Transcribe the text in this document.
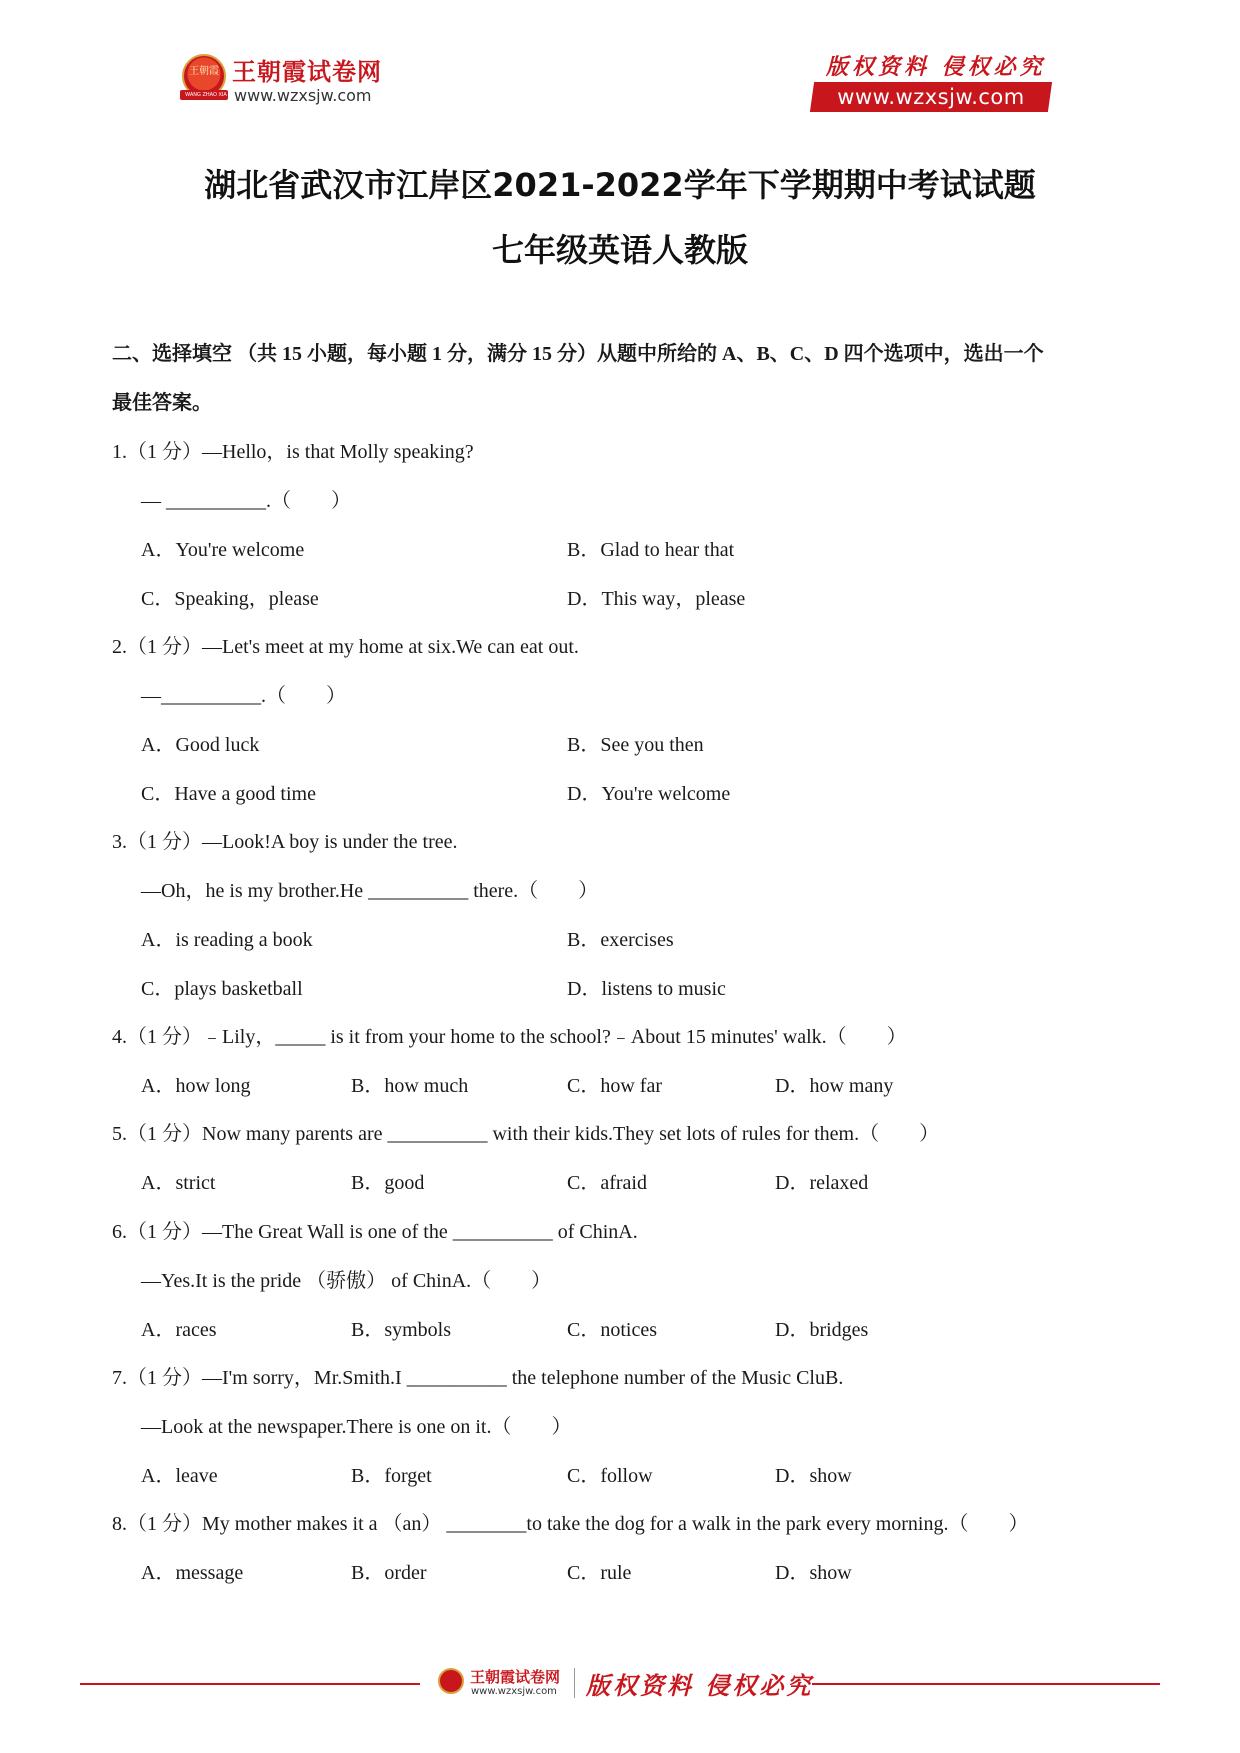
王朝霞
WANG ZHAO XIA
王朝霞试卷网
www.wzxsjw.com
版权资料 侵权必究
www.wzxsjw.com
湖北省武汉市江岸区2021-2022学年下学期期中考试试题
七年级英语人教版
二、选择填空 （共 15 小题，每小题 1 分，满分 15 分）从题中所给的 A、B、C、D 四个选项中，选出一个
最佳答案。
1.（1 分）—Hello，is that Molly speaking?
— __________.（　　）
A．You're welcome	B．Glad to hear that
C．Speaking，please	D．This way，please
2.（1 分）—Let's meet at my home at six.We can eat out.
—__________.（　　）
A．Good luck	B．See you then
C．Have a good time	D．You're welcome
3.（1 分）—Look!A boy is under the tree.
—Oh，he is my brother.He __________ there.（　　）
A．is reading a book	B．exercises
C．plays basketball	D．listens to music
4.（1 分）﹣Lily，_____ is it from your home to the school?﹣About 15 minutes' walk.（　　）
A．how long	B．how much	C．how far	D．how many
5.（1 分）Now many parents are __________ with their kids.They set lots of rules for them.（　　）
A．strict	B．good	C．afraid	D．relaxed
6.（1 分）—The Great Wall is one of the __________ of ChinA.
—Yes.It is the pride （骄傲） of ChinA.（　　）
A．races	B．symbols	C．notices	D．bridges
7.（1 分）—I'm sorry，Mr.Smith.I __________ the telephone number of the Music CluB.
—Look at the newspaper.There is one on it.（　　）
A．leave	B．forget	C．follow	D．show
8.（1 分）My mother makes it a （an） ________to take the dog for a walk in the park every morning.（　　）
A．message	B．order	C．rule	D．show
王朝霞试卷网
www.wzxsjw.com 版权资料 侵权必究
